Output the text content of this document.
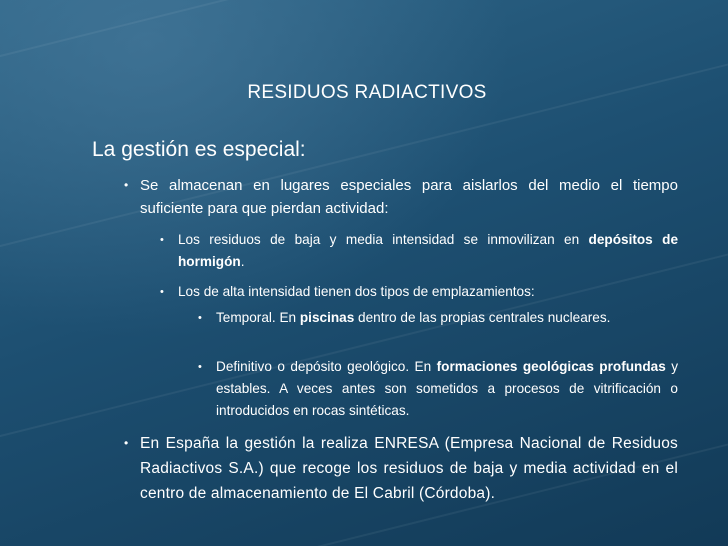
RESIDUOS RADIACTIVOS
La gestión es especial:
• Se almacenan en lugares especiales para aislarlos del medio el tiempo suficiente para que pierdan actividad:
•	Los residuos de baja y media intensidad se inmovilizan en depósitos de hormigón.
•	Los de alta intensidad tienen dos tipos de emplazamientos:
•	Temporal. En piscinas dentro de las propias centrales nucleares.
•	Definitivo o depósito geológico. En formaciones geológicas profundas y estables. A veces antes son sometidos a procesos de vitrificación o introducidos en rocas sintéticas.
• En España la gestión la realiza ENRESA (Empresa Nacional de Residuos Radiactivos S.A.) que recoge los residuos de baja y media actividad en el centro de almacenamiento de El Cabril (Córdoba).
